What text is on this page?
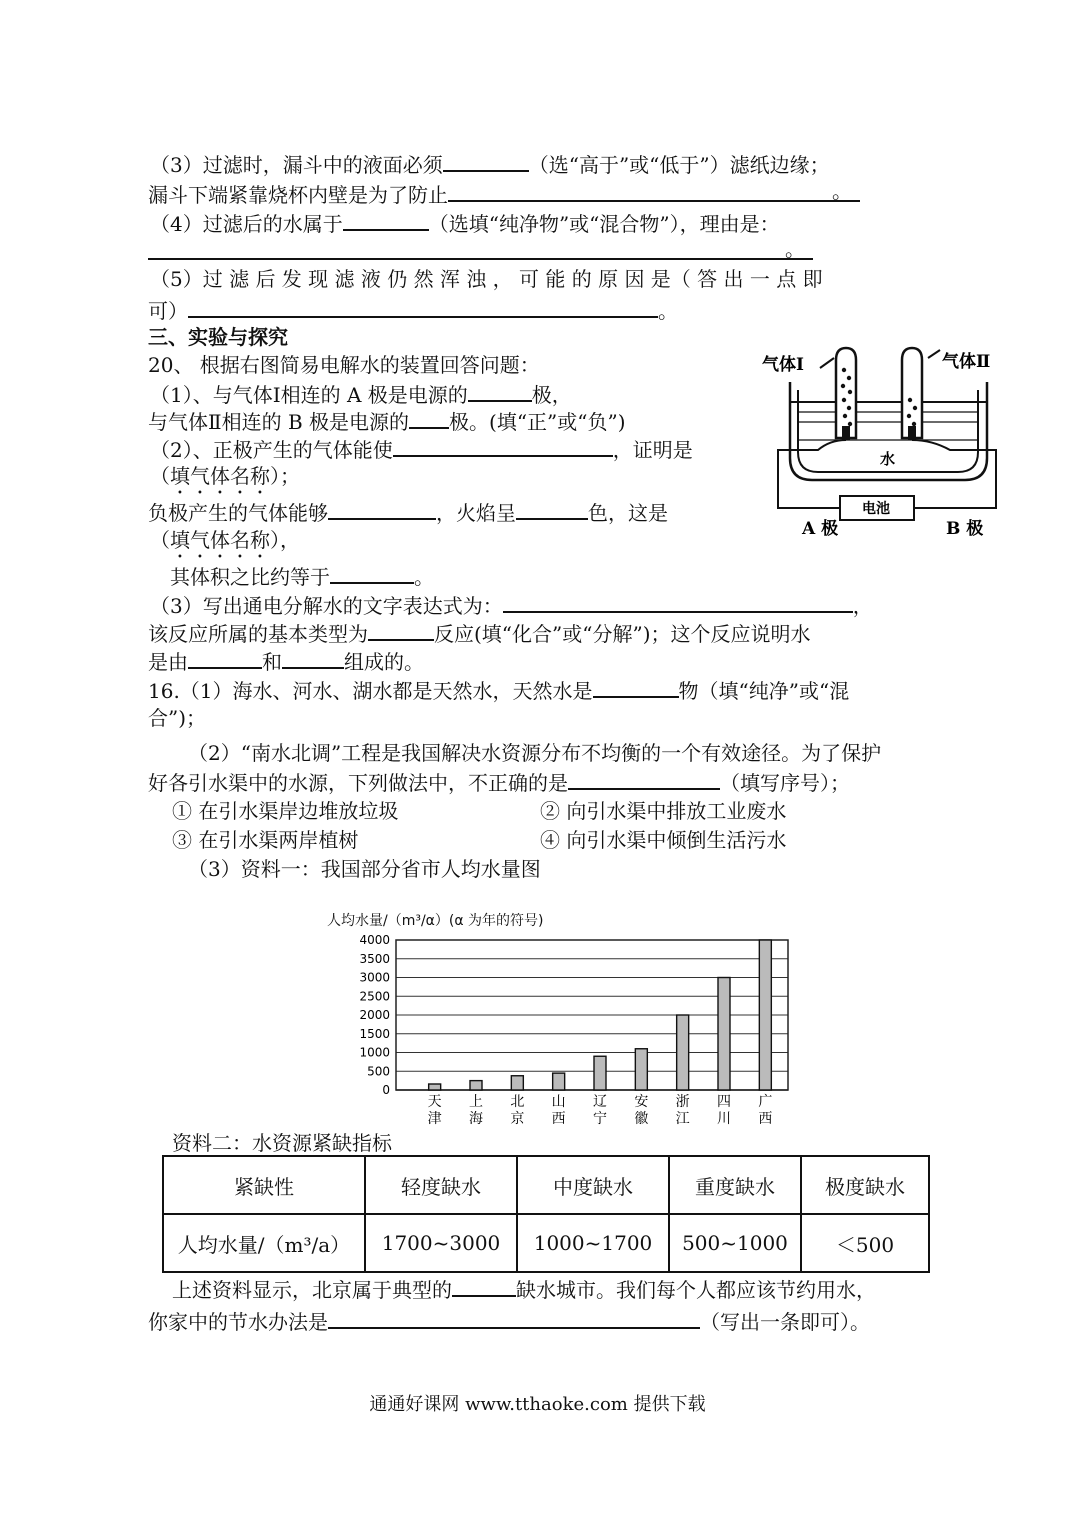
（3）过滤时，漏斗中的液面必须	（选“高于”或“低于”）滤纸边缘；
漏斗下端紧靠烧杯内壁是为了防止	。
（4）过滤后的水属于	（选填“纯净物”或“混合物”），理由是：
。
（5）过 滤 后 发 现 滤 液 仍 然 浑 浊 ， 可 能 的 原 因 是（ 答 出 一 点 即
可）	。
三、实验与探究
20、 根据右图简易电解水的装置回答问题：
（1）、与气体Ⅰ相连的 A 极是电源的	极，
与气体Ⅱ相连的 B 极是电源的 极。(填“正”或“负”)
（2）、正极产生的气体能使	，证明是
（填气体名称）；
负极产生的气体能够	，火焰呈	色，这是
（填气体名称），
其体积之比约等于	。
（3）写出通电分解水的文字表达式为：	，
该反应所属的基本类型为	反应(填“化合”或“分解”)；这个反应说明水
是由	和	组成的。
气体Ⅰ	气体Ⅱ
水
电池
A 极	B 极
16.（1）海水、河水、湖水都是天然水，天然水是	物（填“纯净”或“混
合”)；
（2）“南水北调”工程是我国解决水资源分布不均衡的一个有效途径。为了保护
好各引水渠中的水源，下列做法中，不正确的是	（填写序号）；
① 在引水渠岸边堆放垃圾	② 向引水渠中排放工业废水
③ 在引水渠两岸植树	④ 向引水渠中倾倒生活污水
（3）资料一：我国部分省市人均水量图
人均水量/（m³/α）(α 为年的符号)
0
500
1000
1500
2000
2500
3000
3500
4000
天
津
上
海
北
京
山
西
辽
宁
安
徽
浙
江
四
川
广
西
资料二：水资源紧缺指标
紧缺性	轻度缺水	中度缺水	重度缺水	极度缺水
人均水量/（m³/a）	1700~3000	1000~1700	500~1000	＜500
上述资料显示，北京属于典型的	缺水城市。我们每个人都应该节约用水，
你家中的节水办法是	（写出一条即可）。
通通好课网 www.tthaoke.com 提供下载
